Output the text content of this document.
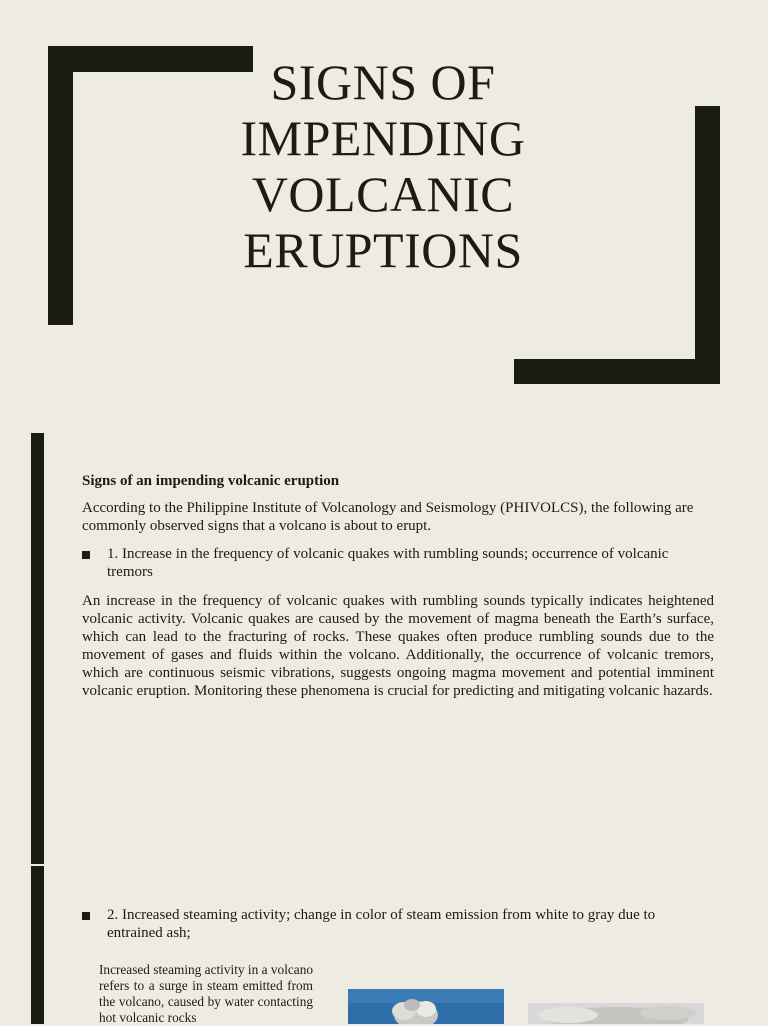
SIGNS OF
IMPENDING
VOLCANIC
ERUPTIONS
Signs of an impending volcanic eruption
According to the Philippine Institute of Volcanology and Seismology (PHIVOLCS), the following are commonly observed signs that a volcano is about to erupt.
1. Increase in the frequency of volcanic quakes with rumbling sounds; occurrence of volcanic tremors
An increase in the frequency of volcanic quakes with rumbling sounds typically indicates heightened volcanic activity. Volcanic quakes are caused by the movement of magma beneath the Earth’s surface, which can lead to the fracturing of rocks. These quakes often produce rumbling sounds due to the movement of gases and fluids within the volcano. Additionally, the occurrence of volcanic tremors, which are continuous seismic vibrations, suggests ongoing magma movement and potential imminent volcanic eruption. Monitoring these phenomena is crucial for predicting and mitigating volcanic hazards.
2. Increased steaming activity; change in color of steam emission from white to gray due to entrained ash;
Increased steaming activity in a volcano refers to a surge in steam emitted from the volcano, caused by water contacting hot volcanic rocks
